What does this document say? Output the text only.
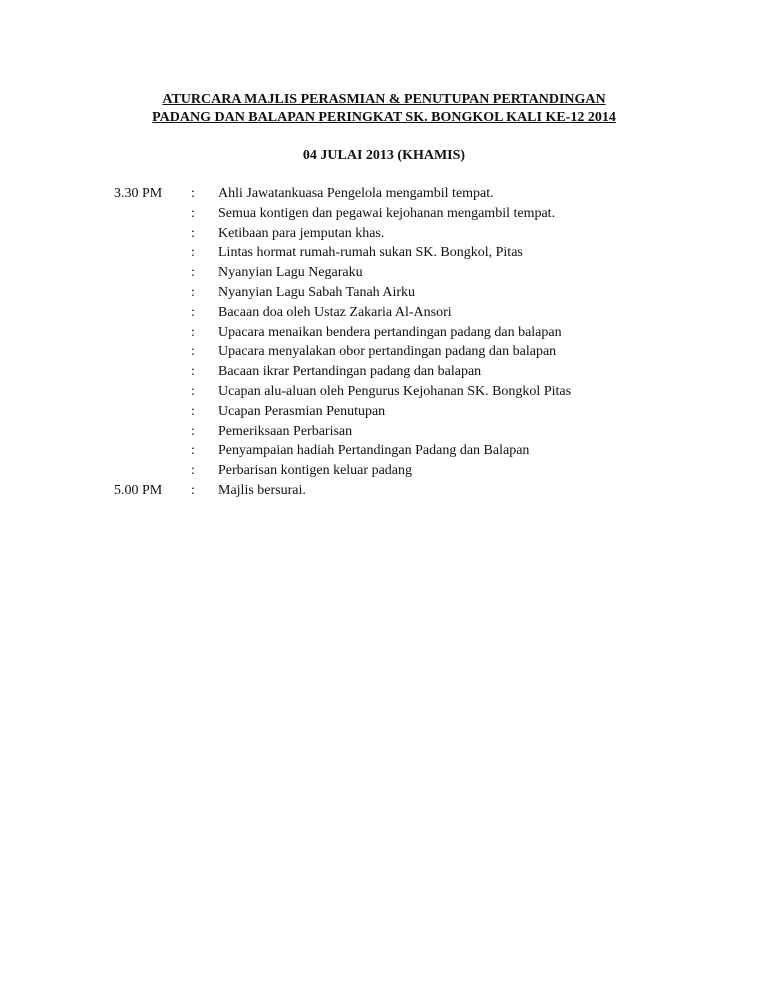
ATURCARA MAJLIS PERASMIAN & PENUTUPAN PERTANDINGAN
PADANG DAN BALAPAN PERINGKAT SK. BONGKOL KALI KE-12 2014
04 JULAI 2013 (KHAMIS)
3.30 PM	:	Ahli Jawatankuasa Pengelola mengambil tempat.
:	Semua kontigen dan pegawai kejohanan mengambil tempat.
:	Ketibaan para jemputan khas.
:	Lintas hormat rumah-rumah sukan SK. Bongkol, Pitas
:	Nyanyian Lagu Negaraku
:	Nyanyian Lagu Sabah Tanah Airku
:	Bacaan doa oleh Ustaz Zakaria Al-Ansori
:	Upacara menaikan bendera pertandingan padang dan balapan
:	Upacara menyalakan obor pertandingan padang dan balapan
:	Bacaan ikrar Pertandingan padang dan balapan
:	Ucapan alu-aluan oleh Pengurus Kejohanan SK. Bongkol Pitas
:	Ucapan Perasmian Penutupan
:	Pemeriksaan Perbarisan
:	Penyampaian hadiah Pertandingan Padang dan Balapan
:	Perbarisan kontigen keluar padang
5.00 PM	:	Majlis bersurai.
